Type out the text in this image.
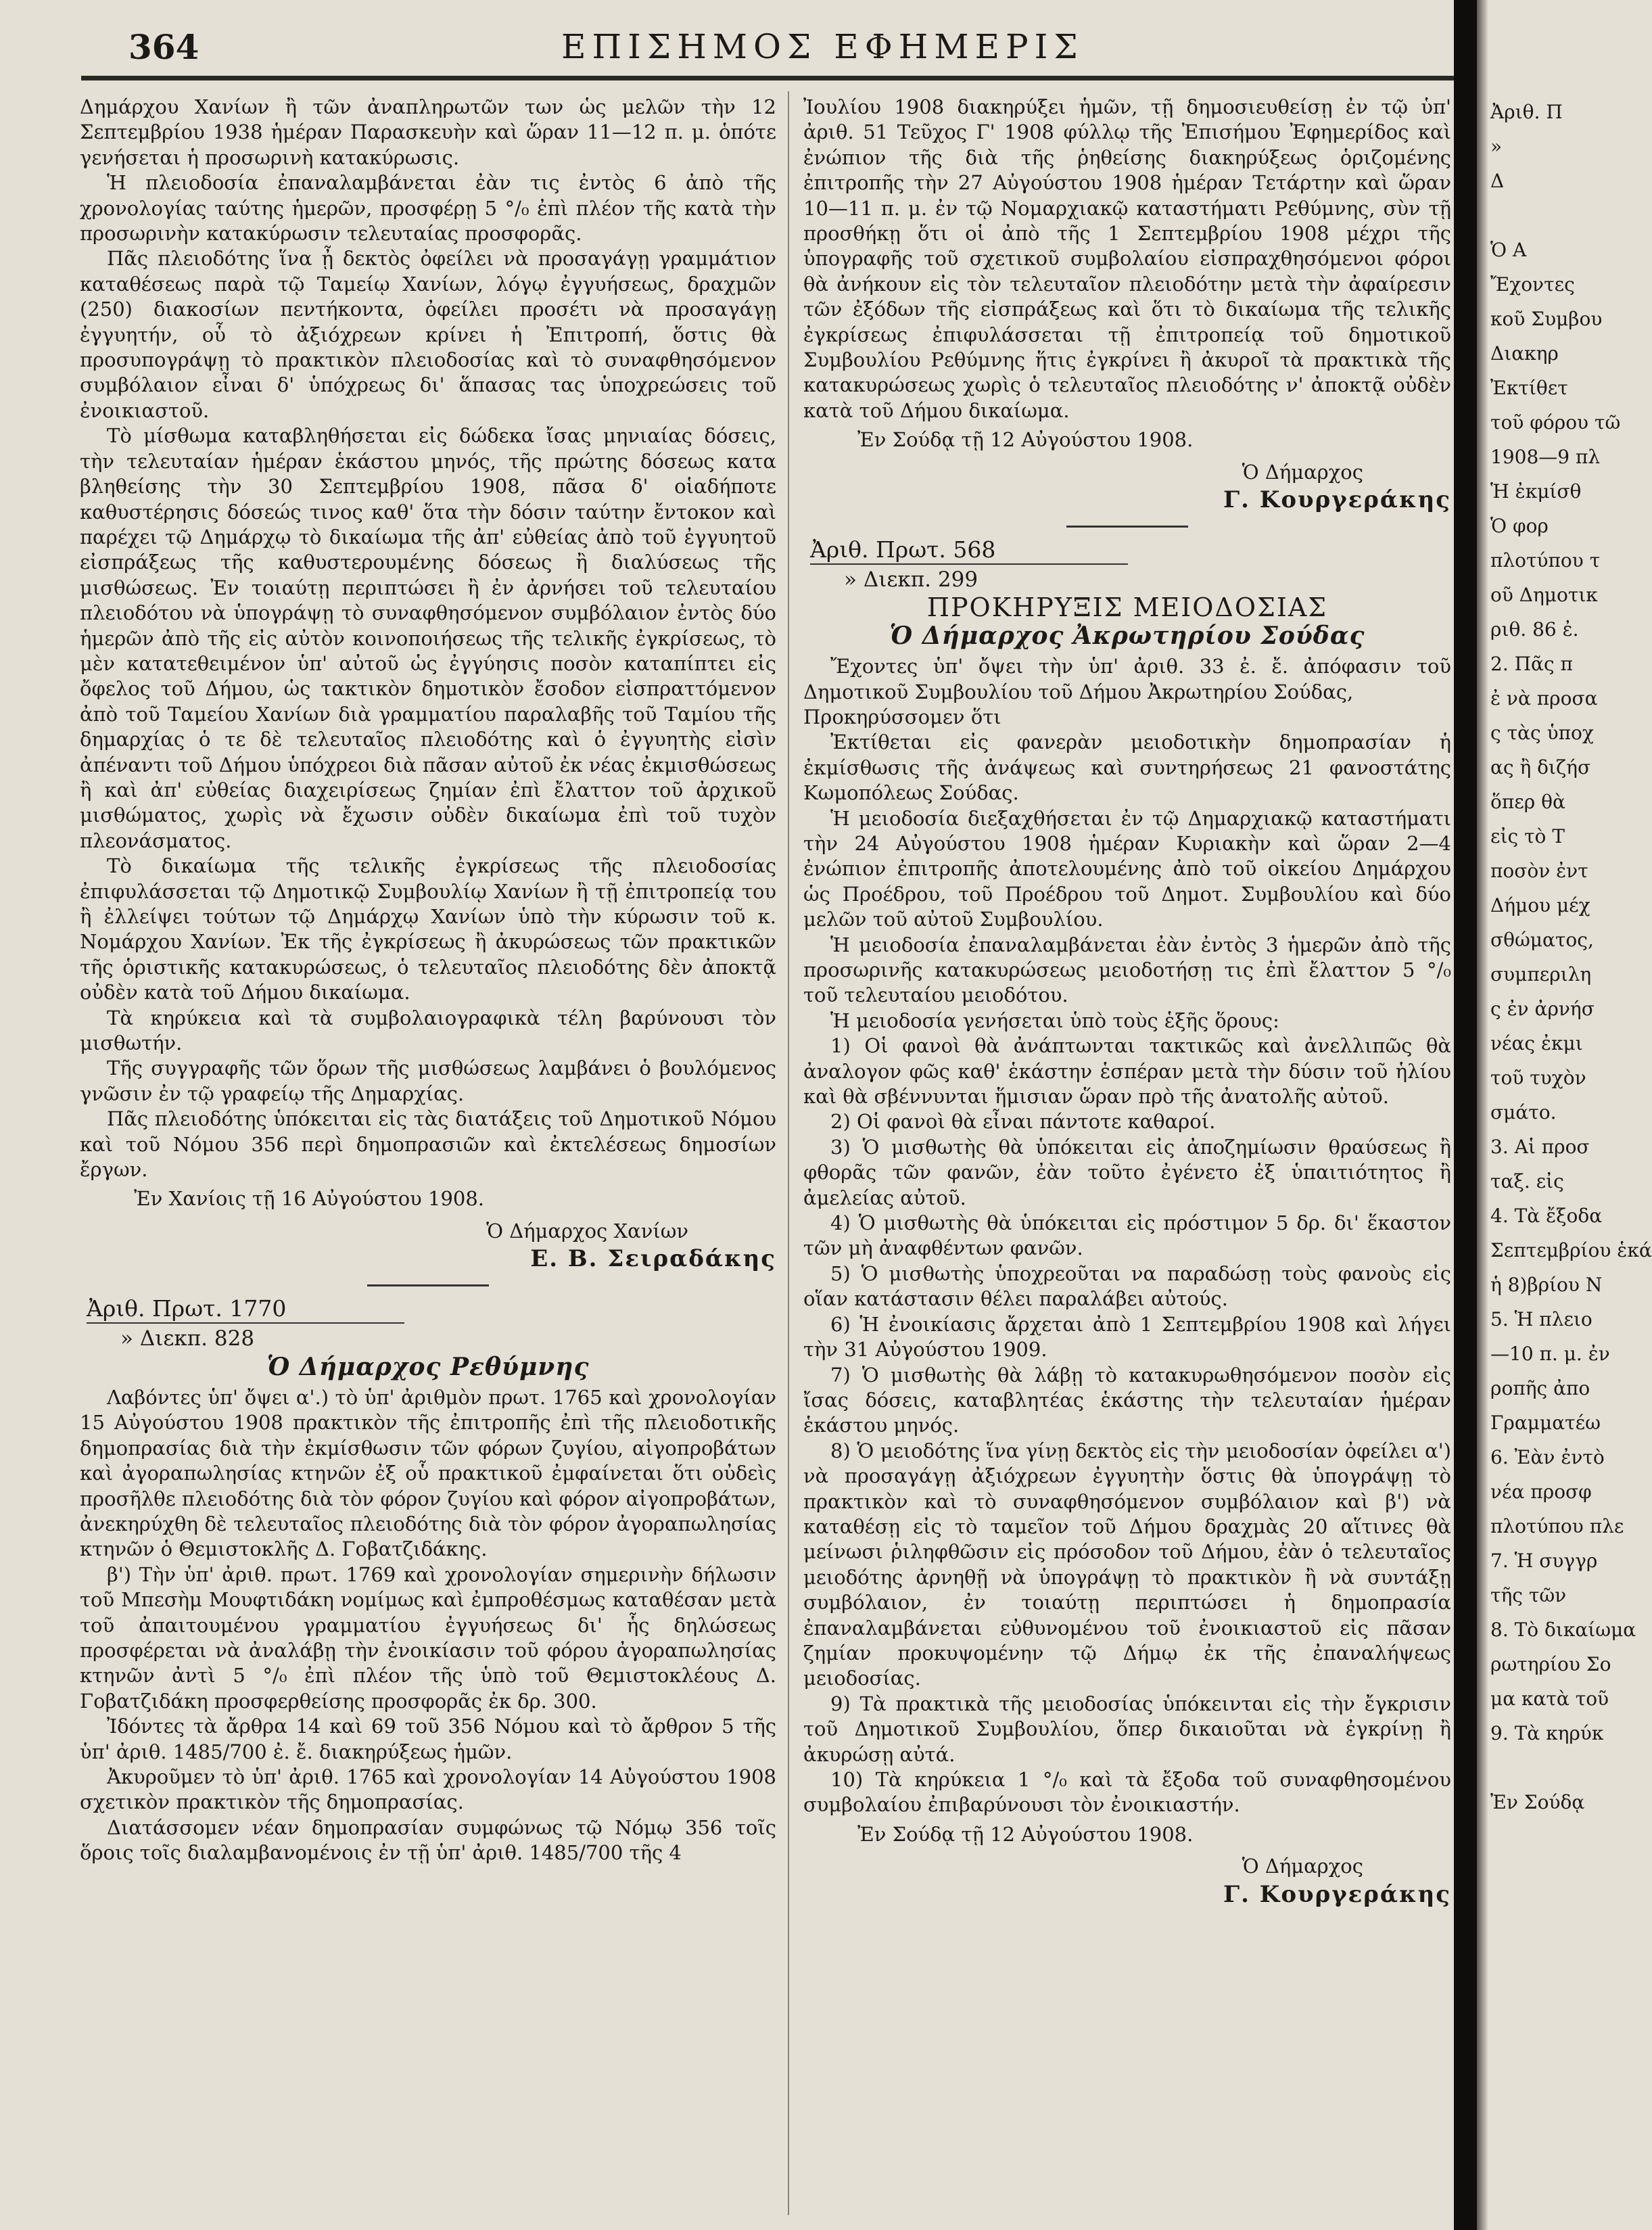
364	ΕΠΙΣΗΜΟΣ ΕΦΗΜΕΡΙΣ

Δημάρχου Χανίων ἢ τῶν ἀναπληρωτῶν των ὡς μελῶν τὴν 12 Σεπτεμβρίου 1938 ἡμέραν Παρασκευὴν καὶ ὥραν 11—12 π. μ. ὁπότε γενήσεται ἡ προσωρινὴ κατακύρωσις.

Ἡ πλειοδοσία ἐπαναλαμβάνεται ἐὰν τις ἐντὸς 6 ἀπὸ τῆς χρονολογίας ταύτης ἡμερῶν, προσφέρῃ 5 °/₀ ἐπὶ πλέον τῆς κατὰ τὴν προσωρινὴν κατακύρωσιν τελευταίας προσφορᾶς.

Πᾶς πλειοδότης ἵνα ᾖ δεκτὸς ὀφείλει νὰ προσαγάγῃ γραμμάτιον καταθέσεως παρὰ τῷ Ταμείῳ Χανίων, λόγῳ ἐγγυήσεως, δραχμῶν (250) διακοσίων πεντήκοντα, ὀφείλει προσέτι νὰ προσαγάγῃ ἐγγυητήν, οὗ τὸ ἀξιόχρεων κρίνει ἡ Ἐπιτροπή, ὅστις θὰ προσυπογράψῃ τὸ πρακτικὸν πλειοδοσίας καὶ τὸ συναφθησόμενον συμβόλαιον εἶναι δ' ὑπόχρεως δι' ἅπασας τας ὑποχρεώσεις τοῦ ἐνοικιαστοῦ.

Τὸ μίσθωμα καταβληθήσεται εἰς δώδεκα ἴσας μηνιαίας δόσεις, τὴν τελευταίαν ἡμέραν ἑκάστου μηνός, τῆς πρώτης δόσεως κατα βληθείσης τὴν 30 Σεπτεμβρίου 1908, πᾶσα δ' οἱαδήποτε καθυστέρησις δόσεώς τινος καθ' ὅτα τὴν δόσιν ταύτην ἔντοκον καὶ παρέχει τῷ Δημάρχῳ τὸ δικαίωμα τῆς ἀπ' εὐθείας ἀπὸ τοῦ ἐγγυητοῦ εἰσπράξεως τῆς καθυστερουμένης δόσεως ἢ διαλύσεως τῆς μισθώσεως. Ἐν τοιαύτῃ περιπτώσει ἢ ἐν ἀρνήσει τοῦ τελευταίου πλειοδότου νὰ ὑπογράψῃ τὸ συναφθησόμενον συμβόλαιον ἐντὸς δύο ἡμερῶν ἀπὸ τῆς εἰς αὐτὸν κοινοποιήσεως τῆς τελικῆς ἐγκρίσεως, τὸ μὲν κατατεθειμένον ὑπ' αὐτοῦ ὡς ἐγγύησις ποσὸν καταπίπτει εἰς ὄφελος τοῦ Δήμου, ὡς τακτικὸν δημοτικὸν ἔσοδον εἰσπραττόμενον ἀπὸ τοῦ Ταμείου Χανίων διὰ γραμματίου παραλαβῆς τοῦ Ταμίου τῆς δημαρχίας ὁ τε δὲ τελευταῖος πλειοδότης καὶ ὁ ἐγγυητὴς εἰσὶν ἀπέναντι τοῦ Δήμου ὑπόχρεοι διὰ πᾶσαν αὐτοῦ ἐκ νέας ἐκμισθώσεως ἢ καὶ ἀπ' εὐθείας διαχειρίσεως ζημίαν ἐπὶ ἔλαττον τοῦ ἀρχικοῦ μισθώματος, χωρὶς νὰ ἔχωσιν οὐδὲν δικαίωμα ἐπὶ τοῦ τυχὸν πλεονάσματος.

Τὸ δικαίωμα τῆς τελικῆς ἐγκρίσεως τῆς πλειοδοσίας ἐπιφυλάσσεται τῷ Δημοτικῷ Συμβουλίῳ Χανίων ἢ τῇ ἐπιτροπείᾳ του ἢ ἐλλείψει τούτων τῷ Δημάρχῳ Χανίων ὑπὸ τὴν κύρωσιν τοῦ κ. Νομάρχου Χανίων. Ἐκ τῆς ἐγκρίσεως ἢ ἀκυρώσεως τῶν πρακτικῶν τῆς ὁριστικῆς κατακυρώσεως, ὁ τελευταῖος πλειοδότης δὲν ἀποκτᾷ οὐδὲν κατὰ τοῦ Δήμου δικαίωμα.

Τὰ κηρύκεια καὶ τὰ συμβολαιογραφικὰ τέλη βαρύνουσι τὸν μισθωτήν.

Τῆς συγγραφῆς τῶν ὅρων τῆς μισθώσεως λαμβάνει ὁ βουλόμενος γνῶσιν ἐν τῷ γραφείῳ τῆς Δημαρχίας.

Πᾶς πλειοδότης ὑπόκειται εἰς τὰς διατάξεις τοῦ Δημοτικοῦ Νόμου καὶ τοῦ Νόμου 356 περὶ δημοπρασιῶν καὶ ἐκτελέσεως δημοσίων ἔργων.

Ἐν Χανίοις τῇ 16 Αὐγούστου 1908.

Ὁ Δήμαρχος Χανίων

Ε. Β. Σειραδάκης

Ἀριθ. Πρωτ. 1770

» Διεκπ. 828

Ὁ Δήμαρχος Ρεθύμνης

Λαβόντες ὑπ' ὄψει α'.) τὸ ὑπ' ἀριθμὸν πρωτ. 1765 καὶ χρονολογίαν 15 Αὐγούστου 1908 πρακτικὸν τῆς ἐπιτροπῆς ἐπὶ τῆς πλειοδοτικῆς δημοπρασίας διὰ τὴν ἐκμίσθωσιν τῶν φόρων ζυγίου, αἰγοπροβάτων καὶ ἀγοραπωλησίας κτηνῶν ἐξ οὗ πρακτικοῦ ἐμφαίνεται ὅτι οὐδεὶς προσῆλθε πλειοδότης διὰ τὸν φόρον ζυγίου καὶ φόρον αἰγοπροβάτων, ἀνεκηρύχθη δὲ τελευταῖος πλειοδότης διὰ τὸν φόρον ἀγοραπωλησίας κτηνῶν ὁ Θεμιστοκλῆς Δ. Γοβατζιδάκης.

β') Τὴν ὑπ' ἀριθ. πρωτ. 1769 καὶ χρονολογίαν σημερινὴν δήλωσιν τοῦ Μπεσὴμ Μουφτιδάκη νομίμως καὶ ἐμπροθέσμως καταθέσαν μετὰ τοῦ ἀπαιτουμένου γραμματίου ἐγγυήσεως δι' ἧς δηλώσεως προσφέρεται νὰ ἀναλάβῃ τὴν ἐνοικίασιν τοῦ φόρου ἀγοραπωλησίας κτηνῶν ἀντὶ 5 °/₀ ἐπὶ πλέον τῆς ὑπὸ τοῦ Θεμιστοκλέους Δ. Γοβατζιδάκη προσφερθείσης προσφορᾶς ἐκ δρ. 300.

Ἰδόντες τὰ ἄρθρα 14 καὶ 69 τοῦ 356 Νόμου καὶ τὸ ἄρθρον 5 τῆς ὑπ' ἀριθ. 1485/700 ἐ. ἔ. διακηρύξεως ἡμῶν.

Ἀκυροῦμεν τὸ ὑπ' ἀριθ. 1765 καὶ χρονολογίαν 14 Αὐγούστου 1908 σχετικὸν πρακτικὸν τῆς δημοπρασίας.

Διατάσσομεν νέαν δημοπρασίαν συμφώνως τῷ Νόμῳ 356 τοῖς ὅροις τοῖς διαλαμβανομένοις ἐν τῇ ὑπ' ἀριθ. 1485/700 τῆς 4

Ἰουλίου 1908 διακηρύξει ἡμῶν, τῇ δημοσιευθείσῃ ἐν τῷ ὑπ' ἀριθ. 51 Τεῦχος Γ' 1908 φύλλῳ τῆς Ἐπισήμου Ἐφημερίδος καὶ ἐνώπιον τῆς διὰ τῆς ῥηθείσης διακηρύξεως ὁριζομένης ἐπιτροπῆς τὴν 27 Αὐγούστου 1908 ἡμέραν Τετάρτην καὶ ὥραν 10—11 π. μ. ἐν τῷ Νομαρχιακῷ καταστήματι Ρεθύμνης, σὺν τῇ προσθήκῃ ὅτι οἱ ἀπὸ τῆς 1 Σεπτεμβρίου 1908 μέχρι τῆς ὑπογραφῆς τοῦ σχετικοῦ συμβολαίου εἰσπραχθησόμενοι φόροι θὰ ἀνήκουν εἰς τὸν τελευταῖον πλειοδότην μετὰ τὴν ἀφαίρεσιν τῶν ἐξόδων τῆς εἰσπράξεως καὶ ὅτι τὸ δικαίωμα τῆς τελικῆς ἐγκρίσεως ἐπιφυλάσσεται τῇ ἐπιτροπείᾳ τοῦ δημοτικοῦ Συμβουλίου Ρεθύμνης ἥτις ἐγκρίνει ἢ ἀκυροῖ τὰ πρακτικὰ τῆς κατακυρώσεως χωρὶς ὁ τελευταῖος πλειοδότης ν' ἀποκτᾷ οὐδὲν κατὰ τοῦ Δήμου δικαίωμα.

Ἐν Σούδᾳ τῇ 12 Αὐγούστου 1908.

Ὁ Δήμαρχος

Γ. Κουργεράκης

Ἀριθ. Πρωτ. 568

» Διεκπ. 299

ΠΡΟΚΗΡΥΞΙΣ ΜΕΙΟΔΟΣΙΑΣ

Ὁ Δήμαρχος Ἀκρωτηρίου Σούδας

Ἔχοντες ὑπ' ὄψει τὴν ὑπ' ἀριθ. 33 ἐ. ἔ. ἀπόφασιν τοῦ Δημοτικοῦ Συμβουλίου τοῦ Δήμου Ἀκρωτηρίου Σούδας,

Προκηρύσσομεν ὅτι

Ἐκτίθεται εἰς φανερὰν μειοδοτικὴν δημοπρασίαν ἡ ἐκμίσθωσις τῆς ἀνάψεως καὶ συντηρήσεως 21 φανοστάτης Κωμοπόλεως Σούδας.

Ἡ μειοδοσία διεξαχθήσεται ἐν τῷ Δημαρχιακῷ καταστήματι τὴν 24 Αὐγούστου 1908 ἡμέραν Κυριακὴν καὶ ὥραν 2—4 ἐνώπιον ἐπιτροπῆς ἀποτελουμένης ἀπὸ τοῦ οἰκείου Δημάρχου ὡς Προέδρου, τοῦ Προέδρου τοῦ Δημοτ. Συμβουλίου καὶ δύο μελῶν τοῦ αὐτοῦ Συμβουλίου.

Ἡ μειοδοσία ἐπαναλαμβάνεται ἐὰν ἐντὸς 3 ἡμερῶν ἀπὸ τῆς προσωρινῆς κατακυρώσεως μειοδοτήσῃ τις ἐπὶ ἔλαττον 5 °/₀ τοῦ τελευταίου μειοδότου.

Ἡ μειοδοσία γενήσεται ὑπὸ τοὺς ἑξῆς ὅρους:

1) Οἱ φανοὶ θὰ ἀνάπτωνται τακτικῶς καὶ ἀνελλιπῶς θὰ ἀναλογον φῶς καθ' ἑκάστην ἑσπέραν μετὰ τὴν δύσιν τοῦ ἡλίου καὶ θὰ σβέννυνται ἥμισιαν ὥραν πρὸ τῆς ἀνατολῆς αὐτοῦ.

2) Οἱ φανοὶ θὰ εἶναι πάντοτε καθαροί.

3) Ὁ μισθωτὴς θὰ ὑπόκειται εἰς ἀποζημίωσιν θραύσεως ἢ φθορᾶς τῶν φανῶν, ἐὰν τοῦτο ἐγένετο ἐξ ὑπαιτιότητος ἢ ἀμελείας αὐτοῦ.

4) Ὁ μισθωτὴς θὰ ὑπόκειται εἰς πρόστιμον 5 δρ. δι' ἕκαστον τῶν μὴ ἀναφθέντων φανῶν.

5) Ὁ μισθωτὴς ὑποχρεοῦται να παραδώσῃ τοὺς φανοὺς εἰς οἵαν κατάστασιν θέλει παραλάβει αὐτούς.

6) Ἡ ἐνοικίασις ἄρχεται ἀπὸ 1 Σεπτεμβρίου 1908 καὶ λήγει τὴν 31 Αὐγούστου 1909.

7) Ὁ μισθωτὴς θὰ λάβῃ τὸ κατακυρωθησόμενον ποσὸν εἰς ἴσας δόσεις, καταβλητέας ἑκάστης τὴν τελευταίαν ἡμέραν ἑκάστου μηνός.

8) Ὁ μειοδότης ἵνα γίνῃ δεκτὸς εἰς τὴν μειοδοσίαν ὀφείλει α') νὰ προσαγάγῃ ἀξιόχρεων ἐγγυητὴν ὅστις θὰ ὑπογράψῃ τὸ πρακτικὸν καὶ τὸ συναφθησόμενον συμβόλαιον καὶ β') νὰ καταθέσῃ εἰς τὸ ταμεῖον τοῦ Δήμου δραχμὰς 20 αἵτινες θὰ μείνωσι ῥιληφθῶσιν εἰς πρόσοδον τοῦ Δήμου, ἐὰν ὁ τελευταῖος μειοδότης ἀρνηθῇ νὰ ὑπογράψῃ τὸ πρακτικὸν ἢ νὰ συντάξῃ συμβόλαιον, ἐν τοιαύτῃ περιπτώσει ἡ δημοπρασία ἐπαναλαμβάνεται εὐθυνομένου τοῦ ἐνοικιαστοῦ εἰς πᾶσαν ζημίαν προκυψομένην τῷ Δήμῳ ἐκ τῆς ἐπαναλήψεως μειοδοσίας.

9) Τὰ πρακτικὰ τῆς μειοδοσίας ὑπόκεινται εἰς τὴν ἔγκρισιν τοῦ Δημοτικοῦ Συμβουλίου, ὅπερ δικαιοῦται νὰ ἐγκρίνῃ ἢ ἀκυρώσῃ αὐτά.

10) Τὰ κηρύκεια 1 °/₀ καὶ τὰ ἔξοδα τοῦ συναφθησομένου συμβολαίου ἐπιβαρύνουσι τὸν ἐνοικιαστήν.

Ἐν Σούδᾳ τῇ 12 Αὐγούστου 1908.

Ὁ Δήμαρχος

Γ. Κουργεράκης

Ἀριθ. Π
»
Δ

Ὁ Α
Ἔχοντες
κοῦ Συμβου
Διακηρ
Ἐκτίθετ
τοῦ φόρου τῶ
1908—9 πλ
Ἡ ἐκμίσθ
Ὁ φορ
πλοτύπου τ
οῦ Δημοτικ
ριθ. 86 ἐ.
2. Πᾶς π
ἐ νὰ προσα
ς τὰς ὑποχ
ας ἢ διζήσ
ὅπερ θὰ
εἰς τὸ Τ
ποσὸν ἐντ
Δήμου μέχ
σθώματος,
συμπεριλη
ς ἐν ἀρνήσ
νέας ἐκμι
τοῦ τυχὸν
σμάτο.
3. Αἱ προσ
ταξ. εἰς
4. Τὰ ἔξοδα
Σεπτεμβρίου ἑκά
ἡ 8)βρίου Ν
5. Ἡ πλειο
—10 π. μ. ἐν
ροπῆς ἀπο
Γραμματέω
6. Ἐὰν ἐντὸ
νέα προσφ
πλοτύπου πλε
7. Ἡ συγγρ
τῆς τῶν
8. Τὸ δικαίωμα
ρωτηρίου Σο
μα κατὰ τοῦ
9. Τὰ κηρύκ

Ἐν Σούδᾳ
